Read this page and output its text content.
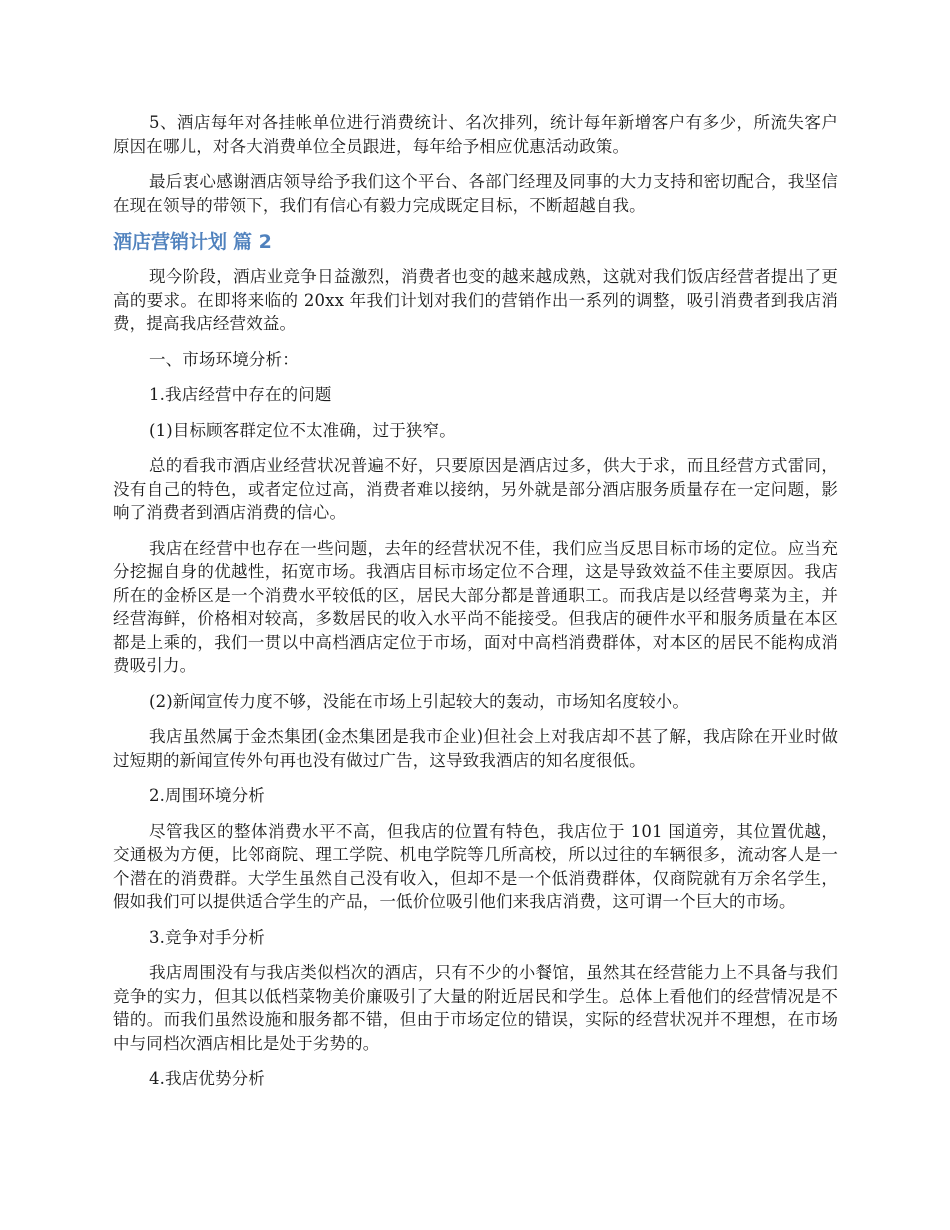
5、酒店每年对各挂帐单位进行消费统计、名次排列，统计每年新增客户有多少，所流失客户原因在哪儿，对各大消费单位全员跟进，每年给予相应优惠活动政策。

最后衷心感谢酒店领导给予我们这个平台、各部门经理及同事的大力支持和密切配合，我坚信在现在领导的带领下，我们有信心有毅力完成既定目标，不断超越自我。

酒店营销计划 篇 2

现今阶段，酒店业竞争日益激烈，消费者也变的越来越成熟，这就对我们饭店经营者提出了更高的要求。在即将来临的 20xx 年我们计划对我们的营销作出一系列的调整，吸引消费者到我店消费，提高我店经营效益。

一、市场环境分析：

1.我店经营中存在的问题

(1)目标顾客群定位不太准确，过于狭窄。

总的看我市酒店业经营状况普遍不好，只要原因是酒店过多，供大于求，而且经营方式雷同，没有自己的特色，或者定位过高，消费者难以接纳，另外就是部分酒店服务质量存在一定问题，影响了消费者到酒店消费的信心。

我店在经营中也存在一些问题，去年的经营状况不佳，我们应当反思目标市场的定位。应当充分挖掘自身的优越性，拓宽市场。我酒店目标市场定位不合理，这是导致效益不佳主要原因。我店所在的金桥区是一个消费水平较低的区，居民大部分都是普通职工。而我店是以经营粤菜为主，并经营海鲜，价格相对较高，多数居民的收入水平尚不能接受。但我店的硬件水平和服务质量在本区都是上乘的，我们一贯以中高档酒店定位于市场，面对中高档消费群体，对本区的居民不能构成消费吸引力。

(2)新闻宣传力度不够，没能在市场上引起较大的轰动，市场知名度较小。

我店虽然属于金杰集团(金杰集团是我市企业)但社会上对我店却不甚了解，我店除在开业时做过短期的新闻宣传外句再也没有做过广告，这导致我酒店的知名度很低。

2.周围环境分析

尽管我区的整体消费水平不高，但我店的位置有特色，我店位于 101 国道旁，其位置优越，交通极为方便，比邻商院、理工学院、机电学院等几所高校，所以过往的车辆很多，流动客人是一个潜在的消费群。大学生虽然自己没有收入，但却不是一个低消费群体，仅商院就有万余名学生，假如我们可以提供适合学生的产品，一低价位吸引他们来我店消费，这可谓一个巨大的市场。

3.竞争对手分析

我店周围没有与我店类似档次的酒店，只有不少的小餐馆，虽然其在经营能力上不具备与我们竞争的实力，但其以低档菜物美价廉吸引了大量的附近居民和学生。总体上看他们的经营情况是不错的。而我们虽然设施和服务都不错，但由于市场定位的错误，实际的经营状况并不理想，在市场中与同档次酒店相比是处于劣势的。

4.我店优势分析
